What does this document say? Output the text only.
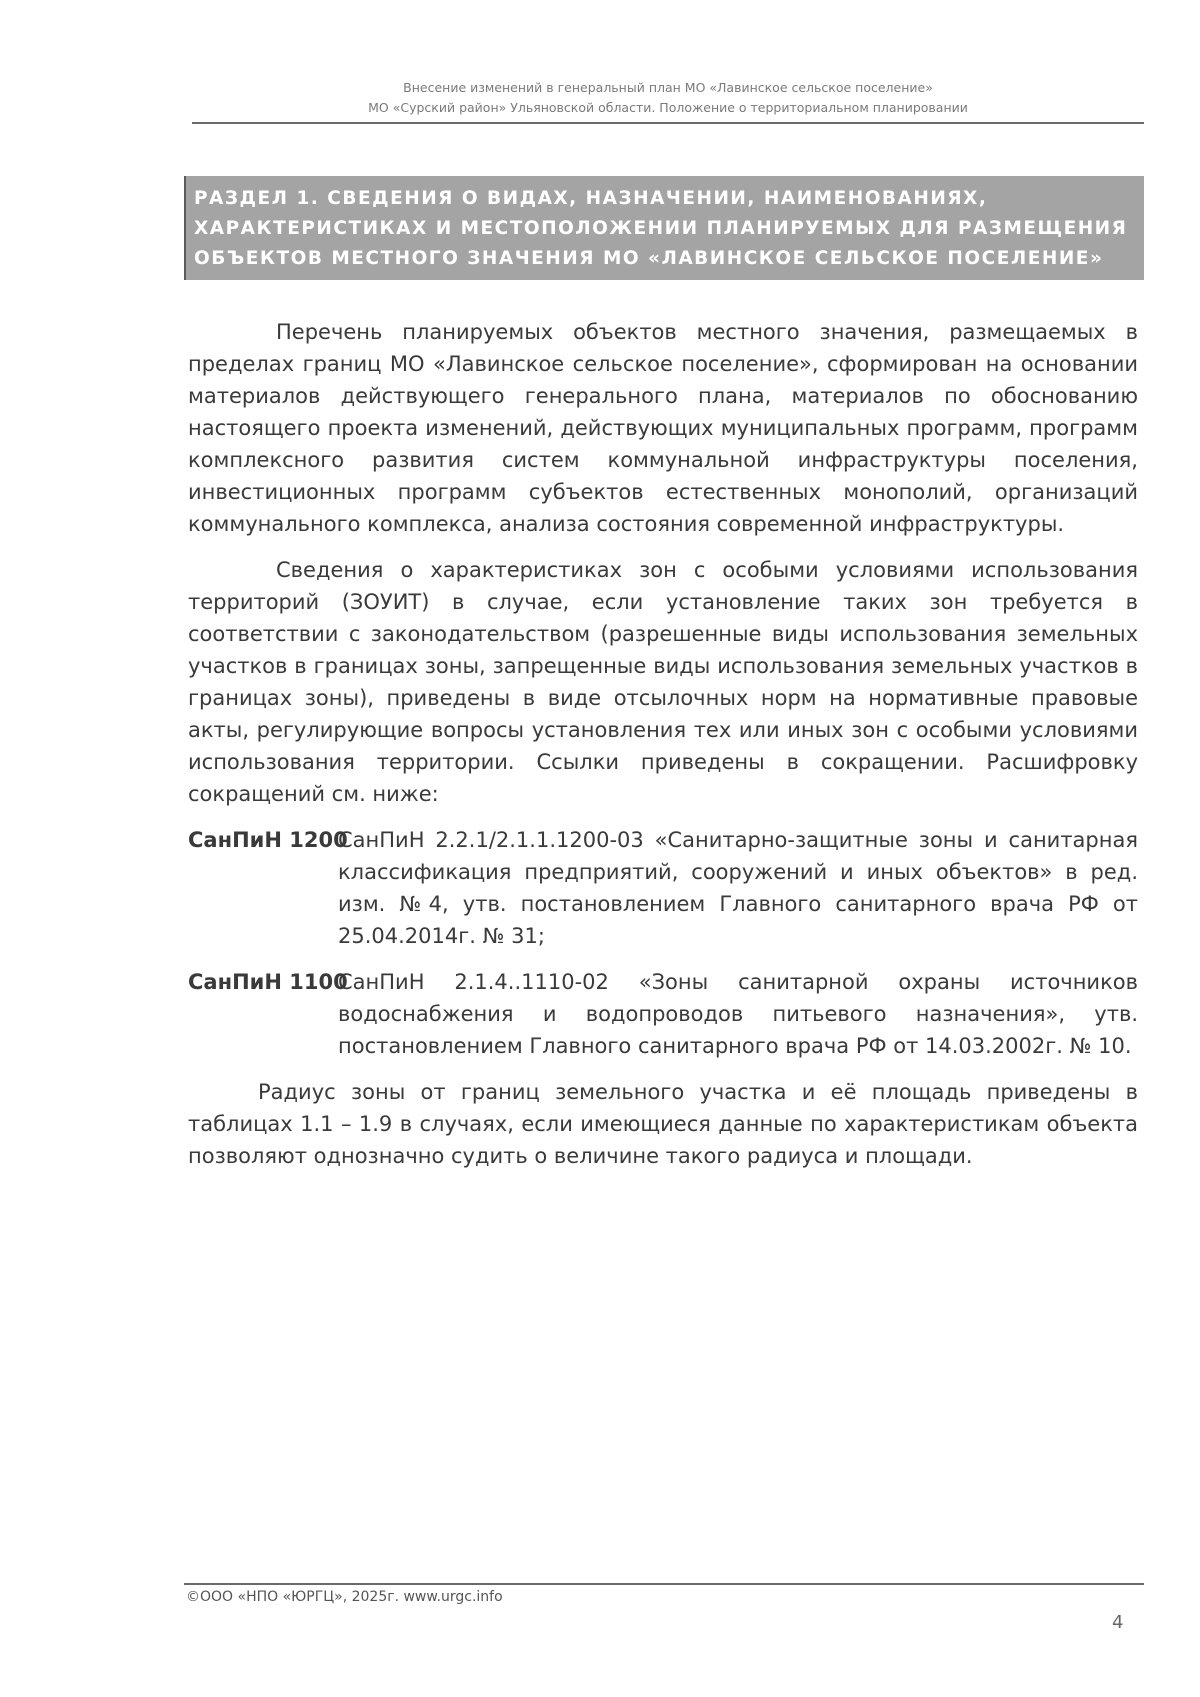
Внесение изменений в генеральный план МО «Лавинское сельское поселение»
МО «Сурский район» Ульяновской области. Положение о территориальном планировании
РАЗДЕЛ 1. СВЕДЕНИЯ О ВИДАХ, НАЗНАЧЕНИИ, НАИМЕНОВАНИЯХ, ХАРАКТЕРИСТИКАХ И МЕСТОПОЛОЖЕНИИ ПЛАНИРУЕМЫХ ДЛЯ РАЗМЕЩЕНИЯ ОБЪЕКТОВ МЕСТНОГО ЗНАЧЕНИЯ МО «ЛАВИНСКОЕ СЕЛЬСКОЕ ПОСЕЛЕНИЕ»

Перечень планируемых объектов местного значения, размещаемых в пределах границ МО «Лавинское сельское поселение», сформирован на основании материалов действующего генерального плана, материалов по обоснованию настоящего проекта изменений, действующих муниципальных программ, программ комплексного развития систем коммунальной инфраструктуры поселения, инвестиционных программ субъектов естественных монополий, организаций коммунального комплекса, анализа состояния современной инфраструктуры.

Сведения о характеристиках зон с особыми условиями использования территорий (ЗОУИТ) в случае, если установление таких зон требуется в соответствии с законодательством (разрешенные виды использования земельных участков в границах зоны, запрещенные виды использования земельных участков в границах зоны), приведены в виде отсылочных норм на нормативные правовые акты, регулирующие вопросы установления тех или иных зон с особыми условиями использования территории. Ссылки приведены в сокращении. Расшифровку сокращений см. ниже:

СанПиН 1200
СанПиН 2.2.1/2.1.1.1200-03 «Санитарно-защитные зоны и санитарная классификация предприятий, сооружений и иных объектов» в ред. изм. №4, утв. постановлением Главного санитарного врача РФ от 25.04.2014г. № 31;
СанПиН 1100
СанПиН 2.1.4..1110-02 «Зоны санитарной охраны источников водоснабжения и водопроводов питьевого назначения», утв. постановлением Главного санитарного врача РФ от 14.03.2002г. № 10.

Радиус зоны от границ земельного участка и её площадь приведены в таблицах 1.1 – 1.9 в случаях, если имеющиеся данные по характеристикам объекта позволяют однозначно судить о величине такого радиуса и площади.

©ООО «НПО «ЮРГЦ», 2025г. www.urgc.info
4
